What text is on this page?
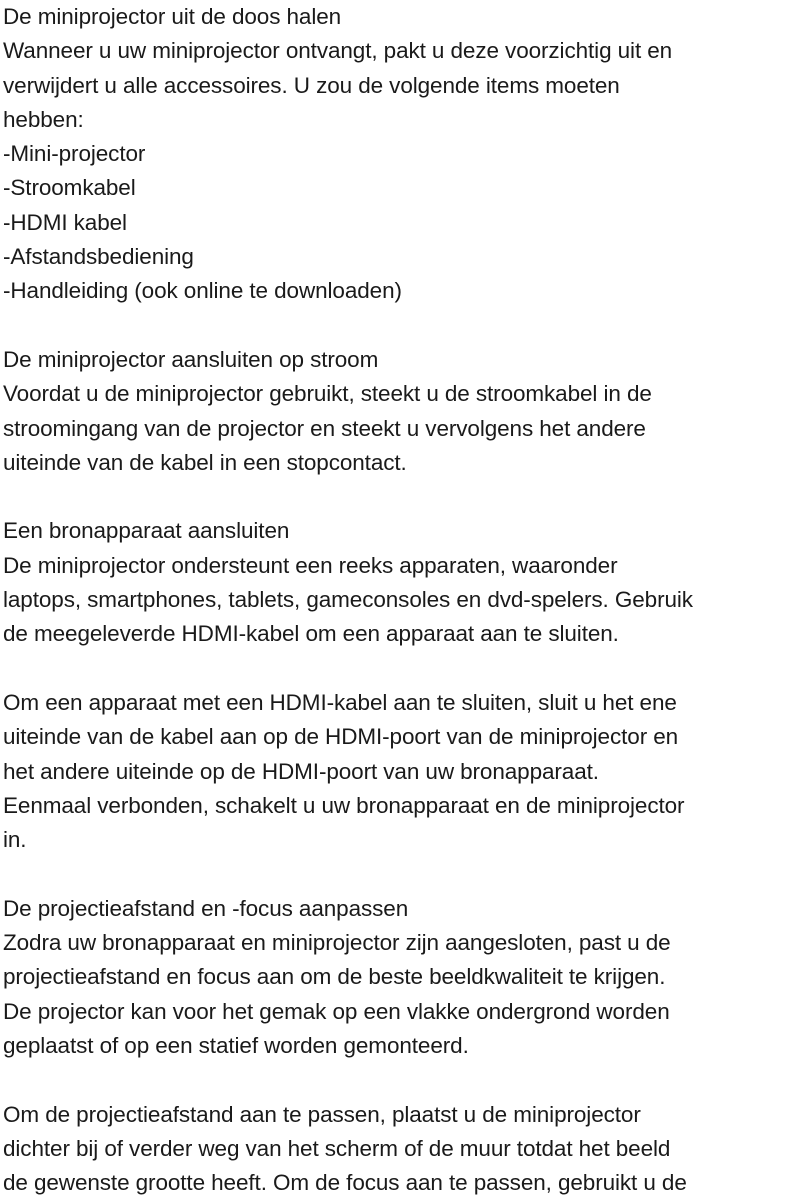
De miniprojector uit de doos halen
Wanneer u uw miniprojector ontvangt, pakt u deze voorzichtig uit en
verwijdert u alle accessoires. U zou de volgende items moeten
hebben:
-Mini-projector
-Stroomkabel
-HDMI kabel
-Afstandsbediening
-Handleiding (ook online te downloaden)
De miniprojector aansluiten op stroom
Voordat u de miniprojector gebruikt, steekt u de stroomkabel in de
stroomingang van de projector en steekt u vervolgens het andere
uiteinde van de kabel in een stopcontact.
Een bronapparaat aansluiten
De miniprojector ondersteunt een reeks apparaten, waaronder
laptops, smartphones, tablets, gameconsoles en dvd-spelers. Gebruik
de meegeleverde HDMI-kabel om een apparaat aan te sluiten.
Om een apparaat met een HDMI-kabel aan te sluiten, sluit u het ene
uiteinde van de kabel aan op de HDMI-poort van de miniprojector en
het andere uiteinde op de HDMI-poort van uw bronapparaat.
Eenmaal verbonden, schakelt u uw bronapparaat en de miniprojector
in.
De projectieafstand en -focus aanpassen
Zodra uw bronapparaat en miniprojector zijn aangesloten, past u de
projectieafstand en focus aan om de beste beeldkwaliteit te krijgen.
De projector kan voor het gemak op een vlakke ondergrond worden
geplaatst of op een statief worden gemonteerd.
Om de projectieafstand aan te passen, plaatst u de miniprojector
dichter bij of verder weg van het scherm of de muur totdat het beeld
de gewenste grootte heeft. Om de focus aan te passen, gebruikt u de
